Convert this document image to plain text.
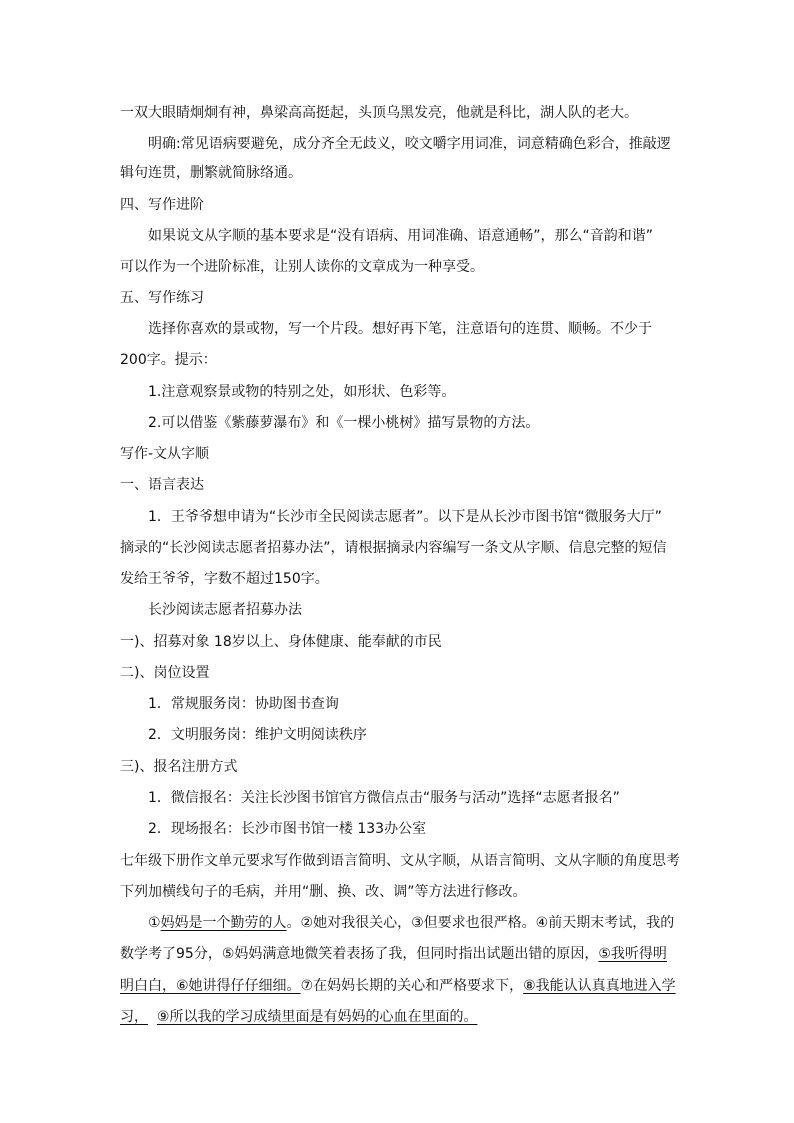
一双大眼睛炯炯有神，鼻梁高高挺起，头顶乌黑发亮，他就是科比，湖人队的老大。
明确:常见语病要避免，成分齐全无歧义，咬文嚼字用词准，词意精确色彩合，推敲逻
辑句连贯，删繁就简脉络通。
四、写作进阶
如果说文从字顺的基本要求是“没有语病、用词准确、语意通畅”，那么“音韵和谐”
可以作为一个进阶标准，让别人读你的文章成为一种享受。
五、写作练习
选择你喜欢的景或物，写一个片段。想好再下笔，注意语句的连贯、顺畅。不少于
200字。提示：
1.注意观察景或物的特别之处，如形状、色彩等。
2.可以借鉴《紫藤萝瀑布》和《一棵小桃树》描写景物的方法。
写作-文从字顺
一、语言表达
1．王爷爷想申请为“长沙市全民阅读志愿者”。以下是从长沙市图书馆“微服务大厅”
摘录的“长沙阅读志愿者招募办法”，请根据摘录内容编写一条文从字顺、信息完整的短信
发给王爷爷，字数不超过150字。
长沙阅读志愿者招募办法
一)、招募对象 18岁以上、身体健康、能奉献的市民
二)、岗位设置
1．常规服务岗：协助图书查询
2．文明服务岗：维护文明阅读秩序
三)、报名注册方式
1．微信报名：关注长沙图书馆官方微信点击“服务与活动”选择“志愿者报名”
2．现场报名：长沙市图书馆一楼 133办公室
七年级下册作文单元要求写作做到语言简明、文从字顺，从语言简明、文从字顺的角度思考
下列加横线句子的毛病，并用“删、换、改、调”等方法进行修改。
①妈妈是一个勤劳的人。②她对我很关心，③但要求也很严格。④前天期末考试，我的
数学考了95分，⑤妈妈满意地微笑着表扬了我，但同时指出试题出错的原因，⑤我听得明
明白白，⑥她讲得仔仔细细。⑦在妈妈长期的关心和严格要求下，⑧我能认认真真地进入学
习， ⑨所以我的学习成绩里面是有妈妈的心血在里面的。
